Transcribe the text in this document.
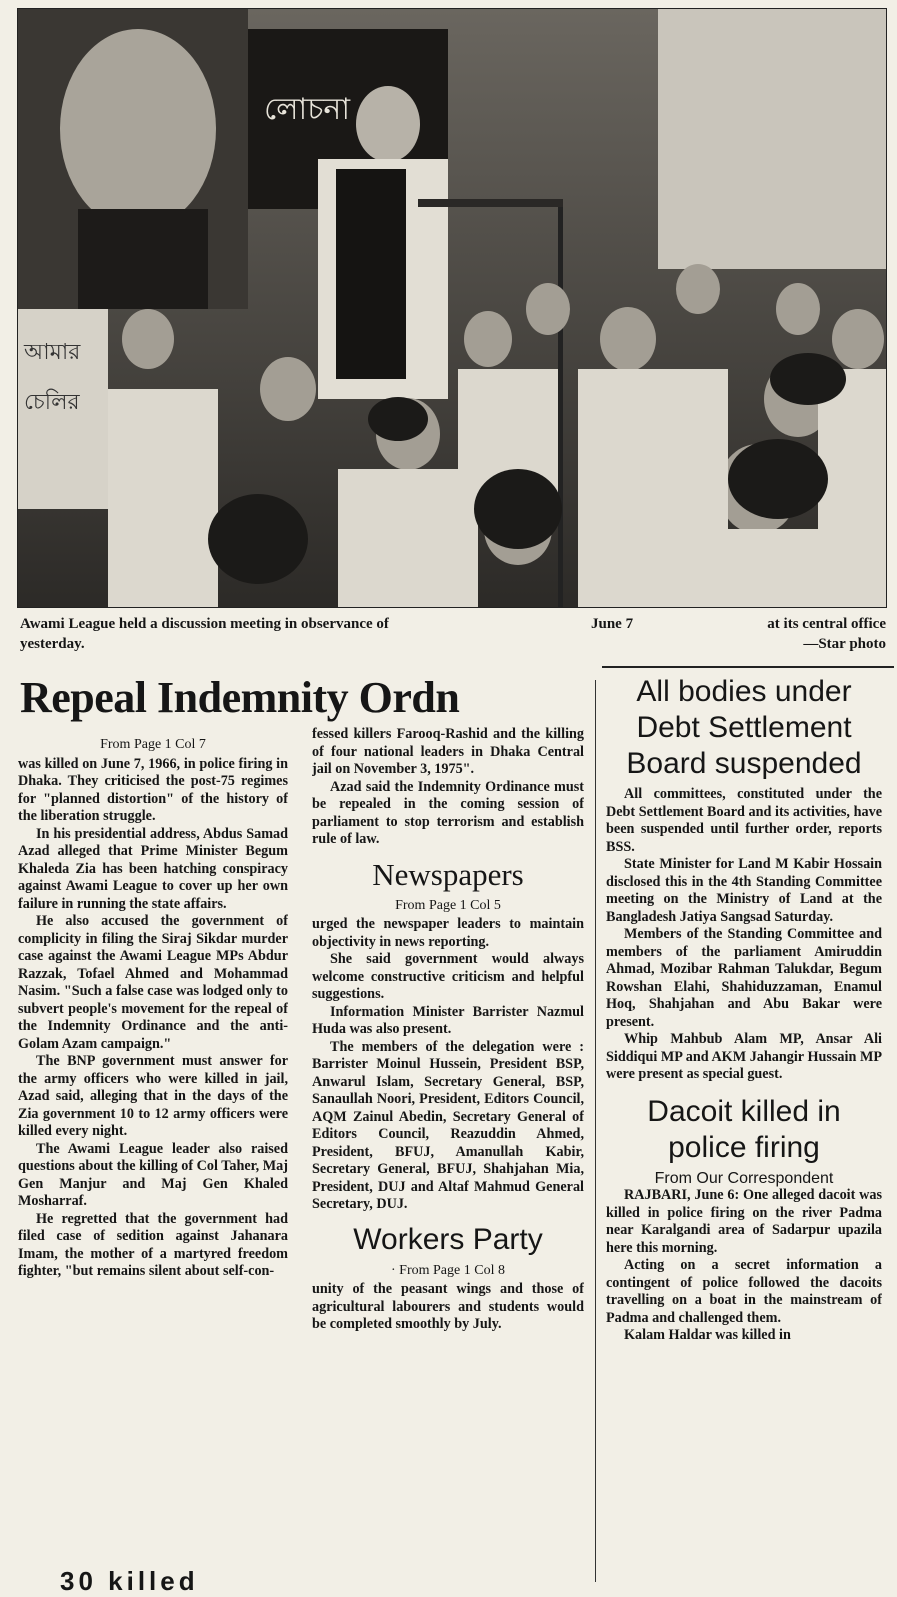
লোচনা
আমার
চেলির
Awami League held a discussion meeting in observance of
yesterday.
June 7	at its central office
—Star photo
Repeal Indemnity Ordn

From Page 1 Col 7

was killed on June 7, 1966, in police firing in Dhaka. They criticised the post-75 regimes for "planned distortion" of the history of the liberation struggle.

In his presidential address, Abdus Samad Azad alleged that Prime Minister Begum Khaleda Zia has been hatching conspiracy against Awami League to cover up her own failure in running the state affairs.

He also accused the government of complicity in filing the Siraj Sikdar murder case against the Awami League MPs Abdur Razzak, Tofael Ahmed and Mohammad Nasim. "Such a false case was lodged only to subvert people's movement for the repeal of the Indemnity Ordinance and the anti-Golam Azam campaign."

The BNP government must answer for the army officers who were killed in jail, Azad said, alleging that in the days of the Zia government 10 to 12 army officers were killed every night.

The Awami League leader also raised questions about the killing of Col Taher, Maj Gen Manjur and Maj Gen Khaled Mosharraf.

He regretted that the government had filed case of sedition against Jahanara Imam, the mother of a martyred freedom fighter, "but remains silent about self-con-

fessed killers Farooq-Rashid and the killing of four national leaders in Dhaka Central jail on November 3, 1975".

Azad said the Indemnity Ordinance must be repealed in the coming session of parliament to stop terrorism and establish rule of law.

Newspapers

From Page 1 Col 5

urged the newspaper leaders to maintain objectivity in news reporting.

She said government would always welcome constructive criticism and helpful suggestions.

Information Minister Barrister Nazmul Huda was also present.

The members of the delegation were : Barrister Moinul Hussein, President BSP, Anwarul Islam, Secretary General, BSP, Sanaullah Noori, President, Editors Council, AQM Zainul Abedin, Secretary General of Editors Council, Reazuddin Ahmed, President, BFUJ, Amanullah Kabir, Secretary General, BFUJ, Shahjahan Mia, President, DUJ and Altaf Mahmud General Secretary, DUJ.

Workers Party

· From Page 1 Col 8

unity of the peasant wings and those of agricultural labourers and students would be completed smoothly by July.

All bodies under Debt Settlement Board suspended

All committees, constituted under the Debt Settlement Board and its activities, have been suspended until further order, reports BSS.

State Minister for Land M Kabir Hossain disclosed this in the 4th Standing Committee meeting on the Ministry of Land at the Bangladesh Jatiya Sangsad Saturday.

Members of the Standing Committee and members of the parliament Amiruddin Ahmad, Mozibar Rahman Talukdar, Begum Rowshan Elahi, Shahiduzzaman, Enamul Hoq, Shahjahan and Abu Bakar were present.

Whip Mahbub Alam MP, Ansar Ali Siddiqui MP and AKM Jahangir Hussain MP were present as special guest.

Dacoit killed in police firing

From Our Correspondent

RAJBARI, June 6: One alleged dacoit was killed in police firing on the river Padma near Karalgandi area of Sadarpur upazila here this morning.

Acting on a secret information a contingent of police followed the dacoits travelling on a boat in the mainstream of Padma and challenged them.

Kalam Haldar was killed in

30 killed
